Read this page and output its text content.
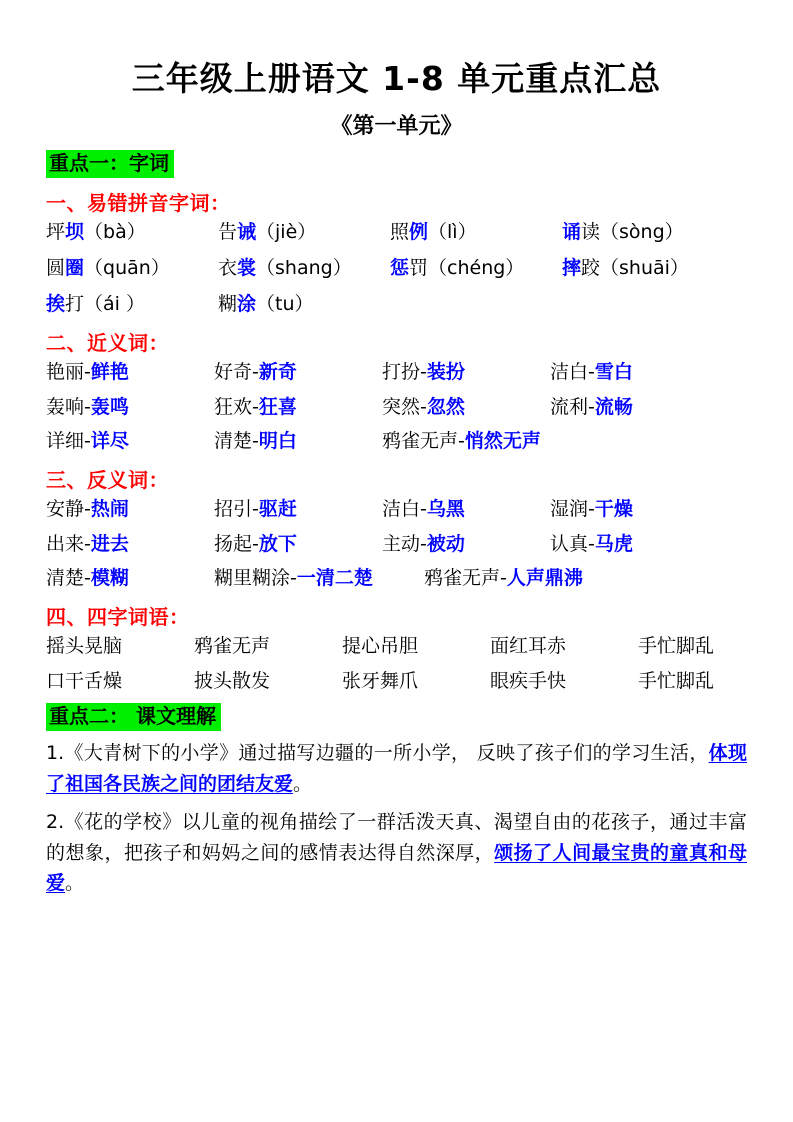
三年级上册语文 1-8 单元重点汇总
《第一单元》
重点一：字词
一、易错拼音字词：
坪坝（bà）	告诫（jiè）	照例（lì）	诵读（sòng）
圆圈（quān）	衣裳（shang）	惩罚（chéng）	摔跤（shuāi）
挨打（ái ）	糊涂（tu）
二、近义词：
艳丽-鲜艳	好奇-新奇	打扮-装扮	洁白-雪白
轰响-轰鸣	狂欢-狂喜	突然-忽然	流利-流畅
详细-详尽	清楚-明白	鸦雀无声-悄然无声
三、反义词：
安静-热闹	招引-驱赶	洁白-乌黑	湿润-干燥
出来-进去	扬起-放下	主动-被动	认真-马虎
清楚-模糊	糊里糊涂-一清二楚	鸦雀无声-人声鼎沸
四、四字词语：
摇头晃脑	鸦雀无声	提心吊胆	面红耳赤	手忙脚乱
口干舌燥	披头散发	张牙舞爪	眼疾手快	手忙脚乱
重点二： 课文理解

1.《大青树下的小学》通过描写边疆的一所小学， 反映了孩子们的学习生活，体现了祖国各民族之间的团结友爱。

2.《花的学校》以儿童的视角描绘了一群活泼天真、渴望自由的花孩子，通过丰富的想象，把孩子和妈妈之间的感情表达得自然深厚，颂扬了人间最宝贵的童真和母爱。
